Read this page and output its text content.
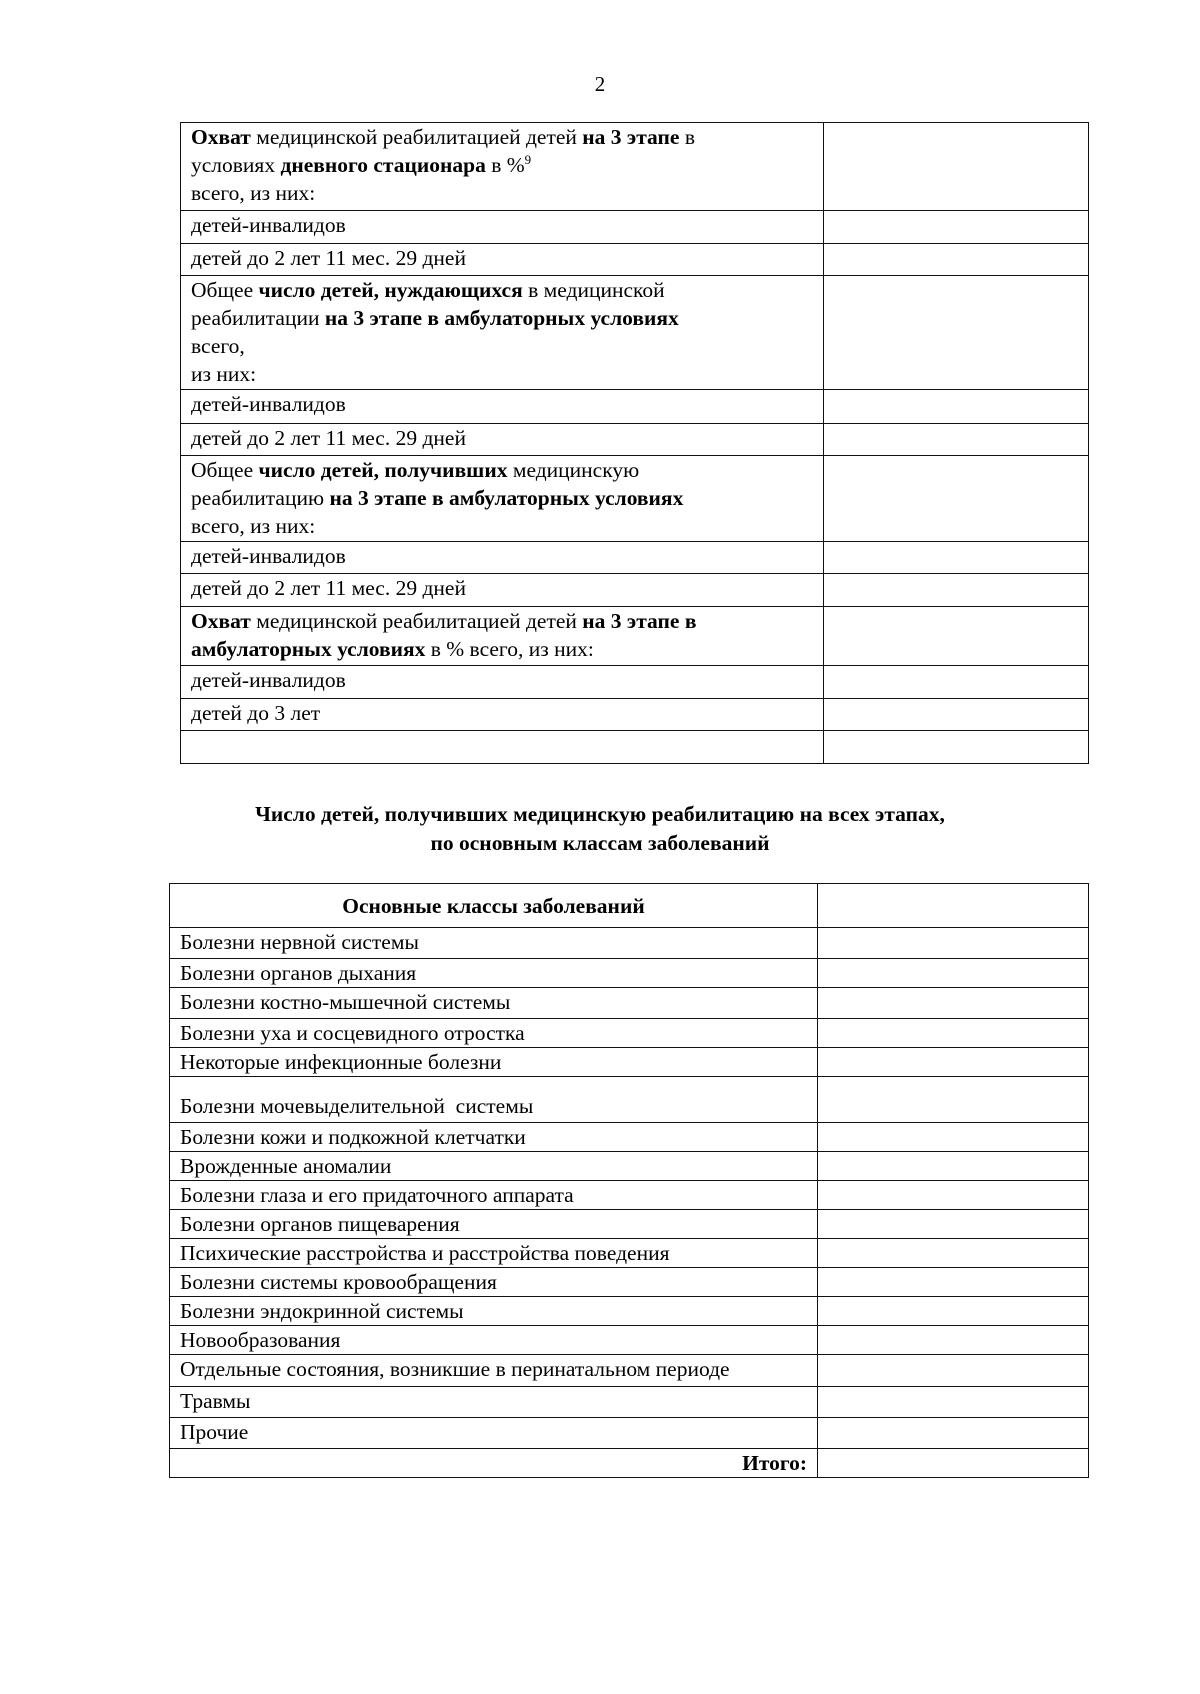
2
Охват медицинской реабилитацией детей на 3 этапе в
условиях дневного стационара в %$^9$
всего, из них:	
детей-инвалидов	
детей до 2 лет 11 мес. 29 дней	
Общее число детей, нуждающихся в медицинской
реабилитации на 3 этапе в амбулаторных условиях
всего,
из них:	
детей-инвалидов	
детей до 2 лет 11 мес. 29 дней	
Общее число детей, получивших медицинскую
реабилитацию на 3 этапе в амбулаторных условиях
всего, из них:	
детей-инвалидов	
детей до 2 лет 11 мес. 29 дней	
Охват медицинской реабилитацией детей на 3 этапе в
амбулаторных условиях в % всего, из них:	
детей-инвалидов	
детей до 3 лет	

Число детей, получивших медицинскую реабилитацию на всех этапах,
по основным классам заболеваний
Основные классы заболеваний	
Болезни нервной системы	
Болезни органов дыхания	
Болезни костно-мышечной системы	
Болезни уха и сосцевидного отростка	
Некоторые инфекционные болезни	
Болезни мочевыделительной  системы	
Болезни кожи и подкожной клетчатки	
Врожденные аномалии	
Болезни глаза и его придаточного аппарата	
Болезни органов пищеварения	
Психические расстройства и расстройства поведения	
Болезни системы кровообращения	
Болезни эндокринной системы	
Новообразования	
Отдельные состояния, возникшие в перинатальном периоде	
Травмы	
Прочие	
Итого:	
